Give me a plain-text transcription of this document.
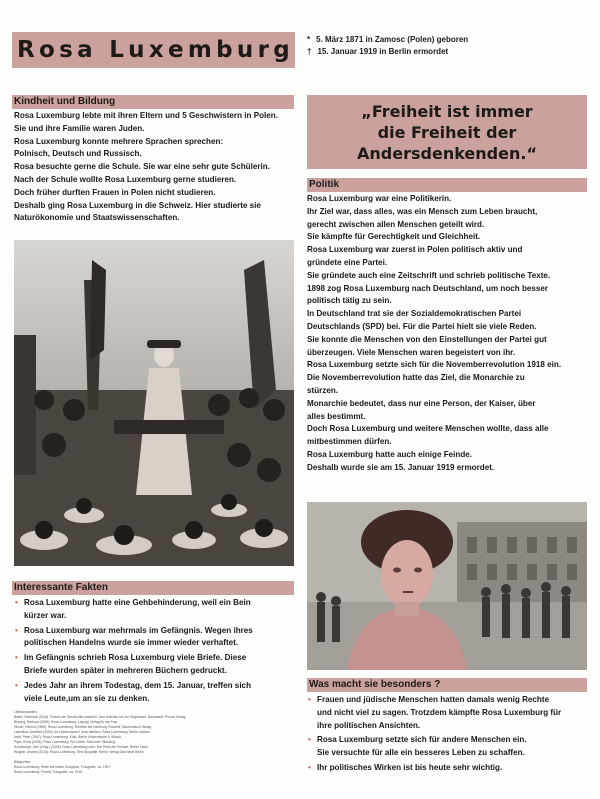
Rosa Luxemburg * 5. März 1871 in Zamosc (Polen) geboren
† 15. Januar 1919 in Berlin ermordet
Kindheit und Bildung
Rosa Luxemburg lebte mit ihren Eltern und 5 Geschwistern in Polen.
Sie und ihre Familie waren Juden.
Rosa Luxemburg konnte mehrere Sprachen sprechen:
Polnisch, Deutsch und Russisch.
Rosa besuchte gerne die Schule. Sie war eine sehr gute Schülerin.
Nach der Schule wollte Rosa Luxemburg gerne studieren.
Doch früher durften Frauen in Polen nicht studieren.
Deshalb ging Rosa Luxemburg in die Schweiz. Hier studierte sie
Naturökonomie und Staatswissenschaften.
Interessante Fakten
• Rosa Luxemburg hatte eine Gehbehinderung, weil ein Bein
kürzer war.
• Rosa Luxemburg war mehrmals im Gefängnis. Wegen ihres
politischen Handelns wurde sie immer wieder verhaftet.
• Im Gefängnis schrieb Rosa Luxemburg viele Briefe. Diese
Briefe wurden später in mehreren Büchern gedruckt.
• Jedes Jahr an ihrem Todestag, dem 15. Januar, treffen sich
viele Leute,um an sie zu denken.
Literaturquellen:
Bartel, Reinhard (2014): Frauen die Geschichte machten. Vom Altertum bis zur Gegenwart. Darmstadt: Primus Verlag.
Brösing, Barbara (2008): Rosa Luxemburg. Leipzig: Verlag für die Frau.
Hirsch, Helmut (1969): Rosa Luxemburg. Reinbek bei Hamburg: Rowohlt Taschenbuch Verlag.
Laschitza, Annelies (2002): Im Lebensrausch, trotz alledem. Rosa Luxemburg. Berlin: Aufbau.
Nettl, Peter (1967): Rosa Luxemburg. Köln, Berlin: Kiepenheuer & Witsch.
Piper, Ernst (2018): Rosa Luxemburg. Ein Leben. München: Blessing.
Schütrumpf, Jörn (Hrsg.) (2006): Rosa Luxemburg oder: Der Preis der Freiheit. Berlin: Dietz.
Wagner, Andrea (2015): Rosa Luxemburg. Eine Biografie. Berlin: Verlag Das Neue Berlin.
Bildquellen:
Rosa Luxemburg: Rede auf einem Kongress, Fotografie, ca. 1907.
Rosa Luxemburg: Porträt, Fotografie, ca. 1915.
„Freiheit ist immer
die Freiheit der
Andersdenkenden.“
Politik
Rosa Luxemburg war eine Politikerin.
Ihr Ziel war, dass alles, was ein Mensch zum Leben braucht,
gerecht zwischen allen Menschen geteilt wird.
Sie kämpfte für Gerechtigkeit und Gleichheit.
Rosa Luxemburg war zuerst in Polen politisch aktiv und
gründete eine Partei.
Sie gründete auch eine Zeitschrift und schrieb politische Texte.
1898 zog Rosa Luxemburg nach Deutschland, um noch besser
politisch tätig zu sein.
In Deutschland trat sie der Sozialdemokratischen Partei
Deutschlands (SPD) bei. Für die Partei hielt sie viele Reden.
Sie konnte die Menschen von den Einstellungen der Partei gut
überzeugen. Viele Menschen waren begeistert von ihr.
Rosa Luxemburg setzte sich für die Novemberrevolution 1918 ein.
Die Novemberrevolution hatte das Ziel, die Monarchie zu
stürzen.
Monarchie bedeutet, dass nur eine Person, der Kaiser, über
alles bestimmt.
Doch Rosa Luxemburg und weitere Menschen wollte, dass alle
mitbestimmen dürfen.
Rosa Luxemburg hatte auch einige Feinde.
Deshalb wurde sie am 15. Januar 1919 ermordet.
Was macht sie besonders ?
• Frauen und jüdische Menschen hatten damals wenig Rechte
und nicht viel zu sagen. Trotzdem kämpfte Rosa Luxemburg für
ihre politischen Ansichten.
• Rosa Luxemburg setzte sich für andere Menschen ein.
Sie versuchte für alle ein besseres Leben zu schaffen.
• Ihr politisches Wirken ist bis heute sehr wichtig.
